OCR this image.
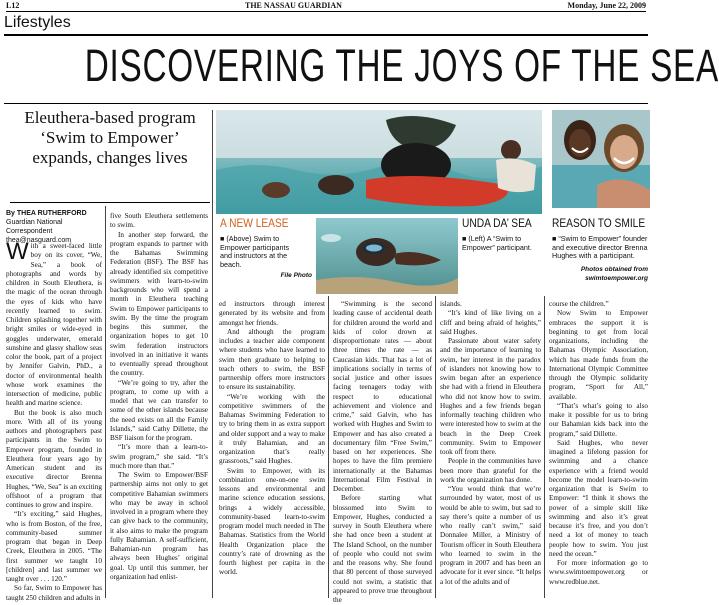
L12	THE NASSAU GUARDIAN	Monday, June 22, 2009
Lifestyles
DISCOVERING THE JOYS OF THE SEA
Eleuthera-based program ‘Swim to Empower’ expands, changes lives
By THEA RUTHERFORD
Guardian National Correspondent
thea@nasguard.com
A NEW LEASE
■ (Above) Swim to Empower participants and instructors at the beach.
File Photo
UNDA DA’ SEA
■ (Left) A “Swim to Empower” participant.
REASON TO SMILE
■ “Swim to Empower” founder and executive director Brenna Hughes with a participant.
Photos obtained from
swimtoempower.org

With a sweet-faced little boy on its cover, “We, Sea,” a book of photographs and words by children in South Eleuthera, is the magic of the ocean through the eyes of kids who have recently learned to swim. Children splashing together with bright smiles or wide-eyed in goggles underwater, emerald sunshine and glassy shallow seas color the book, part of a project by Jennifer Galvin, PhD., a doctor of environmental health whose work examines the intersection of medicine, public health and marine science.

But the book is also much more. With all of its young authors and photographers past participants in the Swim to Empower program, founded in Eleuthera four years ago by American student and its executive director Brenna Hughes, “We, Sea” is an exciting offshoot of a program that continues to grow and inspire.

“It’s exciting,” said Hughes, who is from Boston, of the free, community-based summer program that began in Deep Creek, Eleuthera in 2005. “The first summer we taught 10 [children] and last summer we taught over . . . 120.”

So far, Swim to Empower has taught 250 children and adults in

five South Eleuthera settlements to swim.

In another step forward, the program expands to partner with the Bahamas Swimming Federation (BSF). The BSF has already identified six competitive swimmers with learn-to-swim backgrounds who will spend a month in Eleuthera teaching Swim to Empower participants to swim. By the time the program begins this summer, the organization hopes to get 10 swim federation instructors involved in an initiative it wants to eventually spread throughout the country.

“We’re going to try, after the program, to come up with a model that we can transfer to some of the other islands because the need exists on all the Family Islands,” said Cathy Dillette, the BSF liaison for the program.

“It’s more than a learn-to-swim program,” she said. “It’s much more than that.”

The Swim to Empower/BSF partnership aims not only to get competitive Bahamian swimmers who may be away in school involved in a program where they can give back to the community, it also aims to make the program fully Bahamian. A self-sufficient, Bahamian-run program has always been Hughes’ original goal. Up until this summer, her organization had enlist-

ed instructors through interest generated by its website and from amongst her friends.

And although the program includes a teacher aide component where students who have learned to swim then graduate to helping to teach others to swim, the BSF partnership offers more instructors to ensure its sustainability.

“We’re working with the competitive swimmers of the Bahamas Swimming Federation to try to bring them in as extra support and older support and a way to make it truly Bahamian, and an organization that’s really grassroots,” said Hughes.

Swim to Empower, with its combination one-on-one swim lessons and environmental and marine science education sessions, brings a widely accessible, community-based learn-to-swim program model much needed in The Bahamas. Statistics from the World Health Organization place the country’s rate of drowning as the fourth highest per capita in the world.

“Swimming is the second leading cause of accidental death for children around the world and kids of color drown at disproportionate rates — about three times the rate — as Caucasian kids. That has a lot of implications socially in terms of social justice and other issues facing teenagers today with respect to educational achievement and violence and crime,” said Galvin, who has worked with Hughes and Swim to Empower and has also created a documentary film “Free Swim,” based on her experiences. She hopes to have the film premiere internationally at the Bahamas International Film Festival in December.

Before starting what blossomed into Swim to Empower, Hughes, conducted a survey in South Eleuthera where she had once been a student at The Island School, on the number of people who could not swim and the reasons why. She found that 80 percent of those surveyed could not swim, a statistic that appeared to prove true throughout the

islands.

“It’s kind of like living on a cliff and being afraid of heights,” said Hughes.

Passionate about water safety and the importance of learning to swim, her interest in the paradox of islanders not knowing how to swim began after an experience she had with a friend in Eleuthera who did not know how to swim. Hughes and a few friends began informally teaching children who were interested how to swim at the beach in the Deep Creek community. Swim to Empower took off from there.

People in the communities have been more than grateful for the work the organization has done.

“You would think that we’re surrounded by water, most of us would be able to swim, but sad to say there’s quite a number of us who really can’t swim,” said Donnalee Miller, a Ministry of Tourism officer in South Eleuthera who learned to swim in the program in 2007 and has been an advocate for it ever since. “It helps a lot of the adults and of

course the children.”

Now Swim to Empower embraces the support it is beginning to get from local organizations, including the Bahamas Olympic Association, which has made funds from the International Olympic Committee through the Olympic solidarity program, “Sport for All,” available.

“That’s what’s going to also make it possible for us to bring our Bahamian kids back into the program,” said Dillette.

Said Hughes, who never imagined a lifelong passion for swimming and a chance experience with a friend would become the model learn-to-swim organization that is Swim to Empower: “I think it shows the power of a simple skill like swimming and also it’s great because it’s free, and you don’t need a lot of money to teach people how to swim. You just need the ocean.”

For more information go to www.swimtoempower.org or www.redblue.net.
